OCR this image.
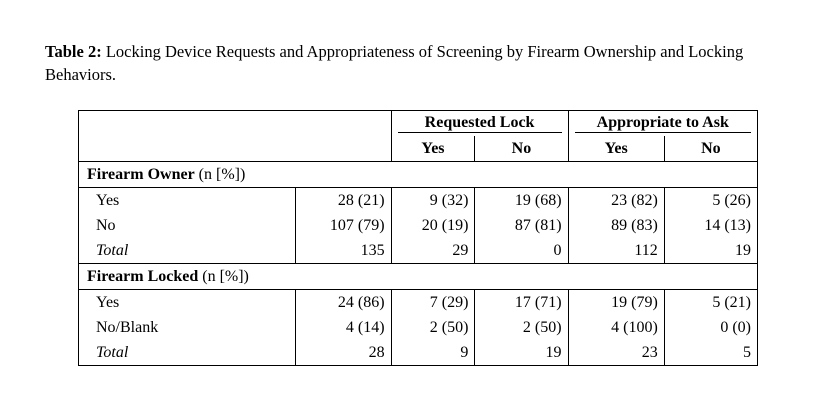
Table 2: Locking Device Requests and Appropriateness of Screening by Firearm Ownership and Locking Behaviors.
		Requested Lock		Appropriate to Ask	
		Yes	No	Yes	No
Firearm Owner (n [%])					
Yes	28 (21)	9 (32)	19 (68)	23 (82)	5 (26)
No	107 (79)	20 (19)	87 (81)	89 (83)	14 (13)
Total	135	29	0	112	19
Firearm Locked (n [%])					
Yes	24 (86)	7 (29)	17 (71)	19 (79)	5 (21)
No/Blank	4 (14)	2 (50)	2 (50)	4 (100)	0 (0)
Total	28	9	19	23	5
